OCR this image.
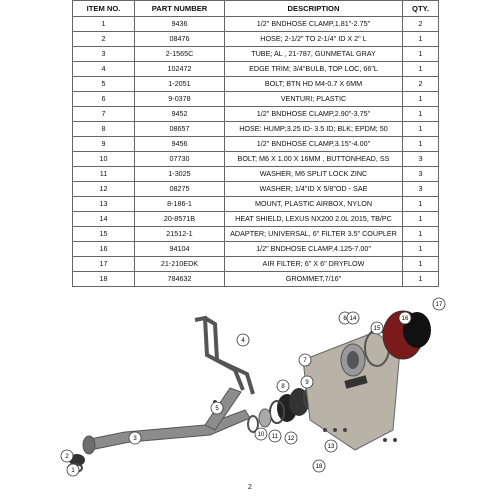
ITEM NO.	PART NUMBER	DESCRIPTION	QTY.
1	9436	1/2" BNDHOSE CLAMP,1.81"-2.75"	2
2	08476	HOSE; 2-1/2" TO 2-1/4" ID X 2" L	1
3	2-1565C	TUBE; AL , 21-787, GUNMETAL GRAY	1
4	102472	EDGE TRIM; 3/4"BULB, TOP LOC, 66"L	1
5	1-2051	BOLT; BTN HD M4-0.7 X 6MM	2
6	9-0378	VENTURI; PLASTIC	1
7	9452	1/2" BNDHOSE CLAMP,2.90"-3.75"	1
8	08657	HOSE: HUMP;3.25 ID- 3.5 ID; BLK; EPDM; 50	1
9	9456	1/2" BNDHOSE CLAMP,3.15"-4.00"	1
10	07730	BOLT; M6 X 1.00 X 16MM , BUTTONHEAD, SS	3
11	1-3025	WASHER, M6 SPLIT LOCK ZINC	3
12	08275	WASHER; 1/4"ID X 5/8"OD - SAE	3
13	8-186-1	MOUNT, PLASTIC AIRBOX, NYLON	1
14	20-8571B	HEAT SHIELD, LEXUS NX200 2.0L 2015, TB/PC	1
15	21512-1	ADAPTER; UNIVERSAL, 6" FILTER 3.5" COUPLER	1
16	94104	1/2" BNDHOSE CLAMP,4.125-7.00"	1
17	21-210EDK	AIR FILTER; 6" X 6" DRYFLOW	1
18	784632	GROMMET,7/16"	1
1
2
3
4
5
6
7
8
9
10 11 12
13
14
15
16
17
18
2
